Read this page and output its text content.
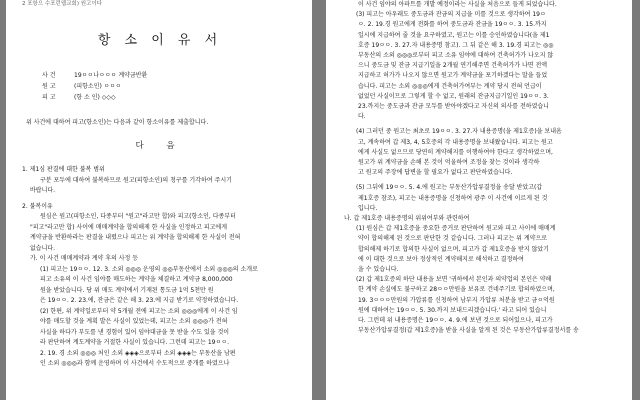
2 포항으 수포런웹교회) 원고이다
항 소 이 유 서
사 건	19ㅇㅇ나ㅇㅇㅇ 계약금반환
원 고	(피항소인) ㅇㅇㅇ
피 고	(항 소 인) ◇◇◇
위 사건에 대하여 피고(항소인)는 다음과 같이 항소이유를 제출합니다.
다 음

1. 제1심 판결에 대한 불복 범위

구분 포두에 대하여 불복하므로 원고(피항소인)의 청구를 기각하여 주시기

바랍니다.

2. 불복이유

원심은 원고(피항소인, 다종부터 "원고"라고만 합)와 피고(항소인, 다종부터

"피고"라고만 합) 사이에 매매계약을 합의해제 한 사실을 인정하고 피고에게

계약금을 반환하라는 판결을 내렸으나 피고는 위 계약을 합의해제 한 사실이 전혀

없습니다.

가. 이 사건 매매계약과 계약 후의 사정 등

(1) 피고는 19ㅇㅇ. 12. 3. 소외 ◎◎◎ 운영의 ◎◎부동산에서 소외 ◎◎◎의 소개로

피고 소유의 이 사건 임야를 매도하는 계약을 체결하고 계약금 8,000,000

원을 받았습니다. 당 위 매도 계약에서 기재된 통도금 1억 5천만 원

은 19ㅇㅇ. 2. 23.에, 잔금은 같은 해 3. 23.에 지급 받기로 약정하였습니다.

(2) 한편, 위 계약일로부터 약 5개월 전에 피고는 소외 ◎◎◎에게 이 사건 임

야를 매도할 것을 계획 발은 사실이 있었는데, 피고는 소외 ◎◎◎가 전혀

사실을 하다가 부도를 낸 경험이 있어 임야대금을 못 받을 수도 있을 것이

라 판단하여 계도계약을 거절한 사실이 있습니다. 그런데 피고는 19ㅇㅇ.

2. 19. 경 소외 ◎◎◎ 처인 소외 ◈◈◈으로부터 소외 ◈◈◈는 부동산을 남편

인 소외 ◎◎◎과 함께 운영하며 이 사건에서 수도적으로 중개를 하였으나

이 사건 임야의 아파트를 개발 예정이라는 사실을 처음으로 들게 되었습니다.

(3) 피고는 아우래도 중도금과 잔금의 지급을 미를 것으로 생각하여 19ㅇ

ㅇ. 2. 19.경 원고에게 전화를 하여 중도금과 잔금을 19ㅇㅇ. 3. 15.까지

일시에 지급하여 줄 것을 요구하였고, 원고는 이를 승인하였습니다(을 제1

호증 19ㅇㅇ. 3. 27.자 내용증명 참고). 그 뒤 같은 해 3. 19.경 피고는 ◎◎

부동산의 소외 ◎◎◎로부터 피고 소유 임야에 대하여 건축허가가 나오지 않

으니 중도금 및 잔금 지급기일을 2개월 연기해주면 건축허가가 나면 전액

지급하고 허가가 나오지 않으면 원고가 계약금을 포기하겠다는 말을 들었

습니다. 피고는 소외 ◎◎◎에게 건축허가여부는 계약 당시 전혀 언급이

없었던 사실이므로 그렇게 할 수 없고, 원래의 잔금지급기일인 19ㅇㅇ. 3.

23.까지는 중도금과 잔금 모두를 받아야겠다고 자신의 의사를 전하였습니

다.

(4) 그러던 중 원고는 최초로 19ㅇㅇ. 3. 27.자 내용증명(을 제1호증)을 보내옴

고, 계속하여 갑 제3, 4, 5호증의 각 내용증명을 보내왔습니다. 피고는 원고

에게 사실도 없으므로 당연히 계약해지를 이행하여야 한다고 생각하였으며,

원고가 위 계약금을 손해 본 것이 억울하여 조정을 찾는 것이라 생각하

고 원고의 주장에 답변을 할 필요가 없다고 판단하였습니다.

(5) 그뒤에 19ㅇㅇ. 5. 4.에 원고는 부동산가압류결정을 송달 받았고(갑

제1호증 참조), 피고는 내용증명을 신청하여 광주 이 사건에 이르게 된 것

입니다.

나. 갑 제1호증 내용증명의 위위여부와 관련하여

(1) 원심은 갑 제1호증을 중요한 증거로 판단하여 원고와 피고 사이에 매매계

약이 합의해제 된 것으로 판단한 것 같습니다. 그러나 피고는 위 계약으로

합의해제 하기로 합의한 사실이 없으며, 피고가 갑 제1호증을 받지 않았기

에 이 대한 것으로 보아 정상적인 계약해지로 해석하고 결정하여

을 수 있습니다.

(2) 갑 제1호증의 하단 내용을 보면 '귀하에서 본인과 의약업의 본인은 약해

한 계약 손실에도 불구하고 28ㅇㅇ만원을 보유로 건네주기로 합의하였으며,

19. 3ㅇㅇㅇ만원의 가압류를 신청하여 남부지 가압류 처분을 받고 금ㅇ억원

원에 대하여는 19ㅇㅇ. 5. 30.까지 보내드리겠습니다.' 라고 되어 있습니

다. 그런데 위 내용증명은 19ㅇㅇ. 4. 9.에 보낸 것으로 되어있으나, 피고가

부동산가압류결정(갑 제1호증)을 받을 사실을 알게 된 것은 부동산가압류결정서를 송
